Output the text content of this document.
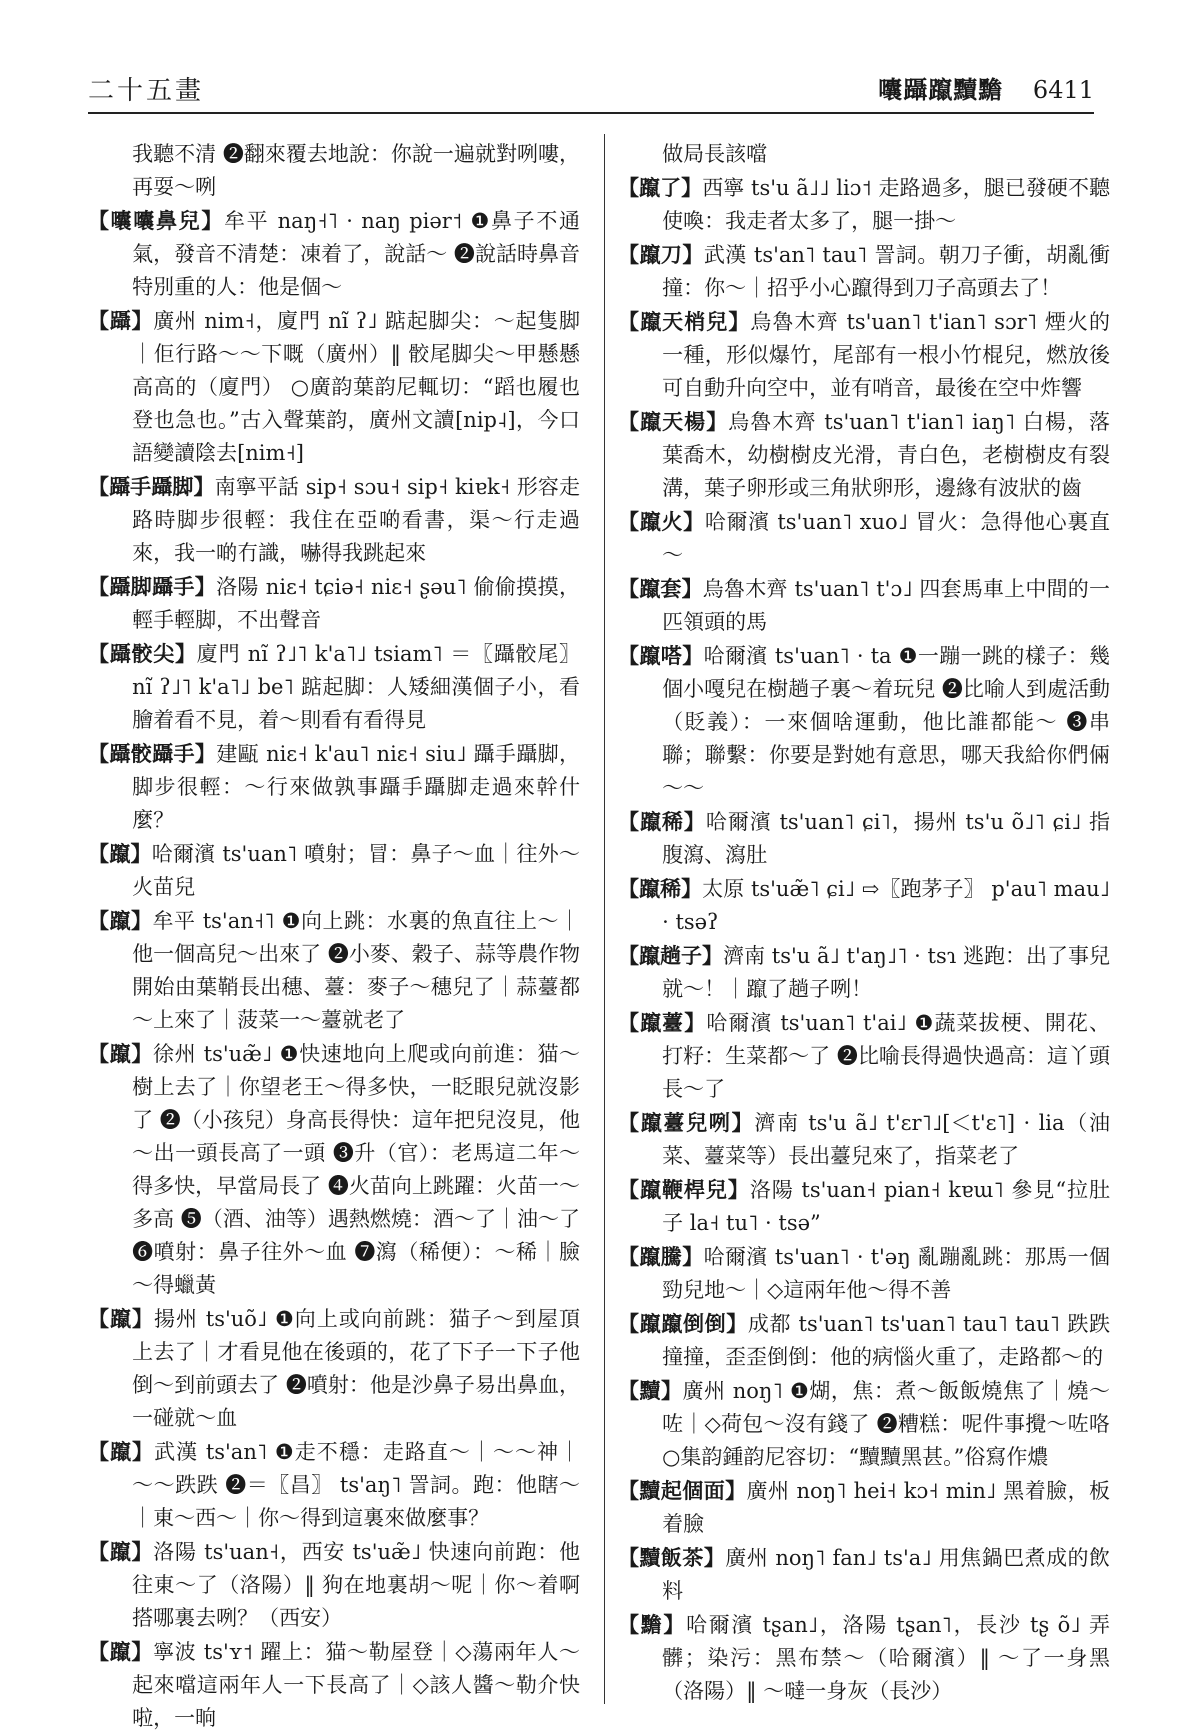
二十五畫	囔躡躥黷黵 6411
我聽不清 ❷翻來覆去地說：你說一遍就對咧嘍，再耍～咧
【囔囔鼻兒】牟平 naŋ˧˥ · naŋ piər˦ ❶鼻子不通氣，發音不清楚：凍着了，說話～ ❷說話時鼻音特別重的人：他是個～
【躡】廣州 nim˧，廈門 nĩ ʔ˩ 踮起脚尖：～起隻脚｜佢行路～～下嘅（廣州）‖ 骹尾脚尖～甲懸懸高高的（廈門） ○廣韵葉韵尼輒切：“蹈也履也登也急也。”古入聲葉韵，廣州文讀[nip˨]，今口語變讀陰去[nim˧]
【躡手躡脚】南寧平話 sip˧ sɔu˧ sip˧ kiɐk˧ 形容走路時脚步很輕：我住在亞啲看書，渠～行走過來，我一啲冇識，嚇得我跳起來
【躡脚躡手】洛陽 niɛ˧ tɕiə˧ niɛ˧ ʂəu˥ 偷偷摸摸，輕手輕脚，不出聲音
【躡骹尖】廈門 nĩ ʔ˩˥ k'a˥˩ tsiam˥ ＝〖躡骹尾〗 nĩ ʔ˩˥ k'a˥˩ be˥ 踮起脚：人矮細漢個子小，看膾着看不見，着～則看有看得見
【躡骹躡手】建甌 niɛ˧ k'au˥ niɛ˧ siu˩ 躡手躡脚，脚步很輕：～行來做孰事躡手躡脚走過來幹什麼？
【躥】哈爾濱 ts'uan˥ 噴射；冒：鼻子～血｜往外～火苗兒
【躥】牟平 ts'an˧˥ ❶向上跳：水裏的魚直往上～｜他一個高兒～出來了 ❷小麥、穀子、蒜等農作物開始由葉鞘長出穗、薹：麥子～穗兒了｜蒜薹都～上來了｜菠菜一～薹就老了
【躥】徐州 ts'uæ̃˩ ❶快速地向上爬或向前進：猫～樹上去了｜你望老王～得多快，一眨眼兒就沒影了 ❷（小孩兒）身高長得快：這年把兒沒見，他～出一頭長高了一頭 ❸升（官）：老馬這二年～得多快，早當局長了 ❹火苗向上跳躍：火苗一～多高 ❺（酒、油等）遇熱燃燒：酒～了｜油～了 ❻噴射：鼻子往外～血 ❼瀉（稀便）：～稀｜臉～得蠟黃
【躥】揚州 ts'uõ˩ ❶向上或向前跳：猫子～到屋頂上去了｜才看見他在後頭的，花了下子一下子他倒～到前頭去了 ❷噴射：他是沙鼻子易出鼻血，一碰就～血
【躥】武漢 ts'an˥ ❶走不穩：走路直～｜～～神｜～～跌跌 ❷＝〖昌〗 ts'aŋ˥ 詈詞。跑：他瞎～｜東～西～｜你～得到這裏來做麼事？
【躥】洛陽 ts'uan˧，西安 ts'uæ̃˩ 快速向前跑：他往東～了（洛陽）‖ 狗在地裏胡～呢｜你～着啊搭哪裏去咧？（西安）
【躥】寧波 ts'ʏ˦ 躍上：猫～勒屋登｜◇蕩兩年人～起來噹這兩年人一下長高了｜◇該人醬～勒介快啦，一晌
做局長該噹
【躥了】西寧 ts'u ã˩˩ liɔ˦ 走路過多，腿已發硬不聽使喚：我走者太多了，腿一掛～
【躥刀】武漢 ts'an˥ tau˥ 詈詞。朝刀子衝，胡亂衝撞：你～｜招乎小心躥得到刀子高頭去了！
【躥天梢兒】烏魯木齊 ts'uan˥ t'ian˥ sɔr˥ 煙火的一種，形似爆竹，尾部有一根小竹棍兒，燃放後可自動升向空中，並有哨音，最後在空中炸響
【躥天楊】烏魯木齊 ts'uan˥ t'ian˥ iaŋ˥ 白楊，落葉喬木，幼樹樹皮光滑，青白色，老樹樹皮有裂溝，葉子卵形或三角狀卵形，邊緣有波狀的齒
【躥火】哈爾濱 ts'uan˥ xuo˩ 冒火：急得他心裏直～
【躥套】烏魯木齊 ts'uan˥ t'ɔ˩ 四套馬車上中間的一匹領頭的馬
【躥嗒】哈爾濱 ts'uan˥ · ta ❶一蹦一跳的樣子：幾個小嘎兒在樹趟子裏～着玩兒 ❷比喻人到處活動（貶義）：一來個啥運動，他比誰都能～ ❸串聯；聯繫：你要是對她有意思，哪天我給你們倆～～
【躥稀】哈爾濱 ts'uan˥ ɕi˥，揚州 ts'u õ˩˥ ɕi˩ 指腹瀉、瀉肚
【躥稀】太原 ts'uæ̃˥ ɕi˩ ⇨〖跑茅子〗 p'au˥ mau˩ · tsəʔ
【躥趟子】濟南 ts'u ã˩ t'aŋ˩˥ · tsɿ 逃跑：出了事兒就～！｜躥了趟子咧！
【躥薹】哈爾濱 ts'uan˥ t'ai˩ ❶蔬菜拔梗、開花、打籽：生菜都～了 ❷比喻長得過快過高：這丫頭長～了
【躥薹兒咧】濟南 ts'u ã˩ t'ɛr˥˩[＜t'ɛ˥] · lia（油菜、薹菜等）長出薹兒來了，指菜老了
【躥鞭桿兒】洛陽 ts'uan˧ pian˧ kɐɯ˥ 參見“拉肚子 la˧ tu˥ · tsə”
【躥騰】哈爾濱 ts'uan˥ · t'əŋ 亂蹦亂跳：那馬一個勁兒地～｜◇這兩年他～得不善
【躥躥倒倒】成都 ts'uan˥ ts'uan˥ tau˥ tau˥ 跌跌撞撞，歪歪倒倒：他的病惱火重了，走路都～的
【黷】廣州 noŋ˥ ❶煳，焦：煮～飯飯燒焦了｜燒～咗｜◇荷包～沒有錢了 ❷糟糕：呢件事攪～咗咯 ○集韵鍾韵尼容切：“黷黷黑甚。”俗寫作燶
【黷起個面】廣州 noŋ˥ hei˧ kɔ˧ min˩ 黑着臉，板着臉
【黷飯茶】廣州 noŋ˥ fan˩ ts'a˩ 用焦鍋巴煮成的飲料
【黵】哈爾濱 tʂan˩，洛陽 tʂan˥，長沙 tʂ õ˩ 弄髒；染污：黑布禁～（哈爾濱）‖ ～了一身黑（洛陽）‖ ～噠一身灰（長沙）
